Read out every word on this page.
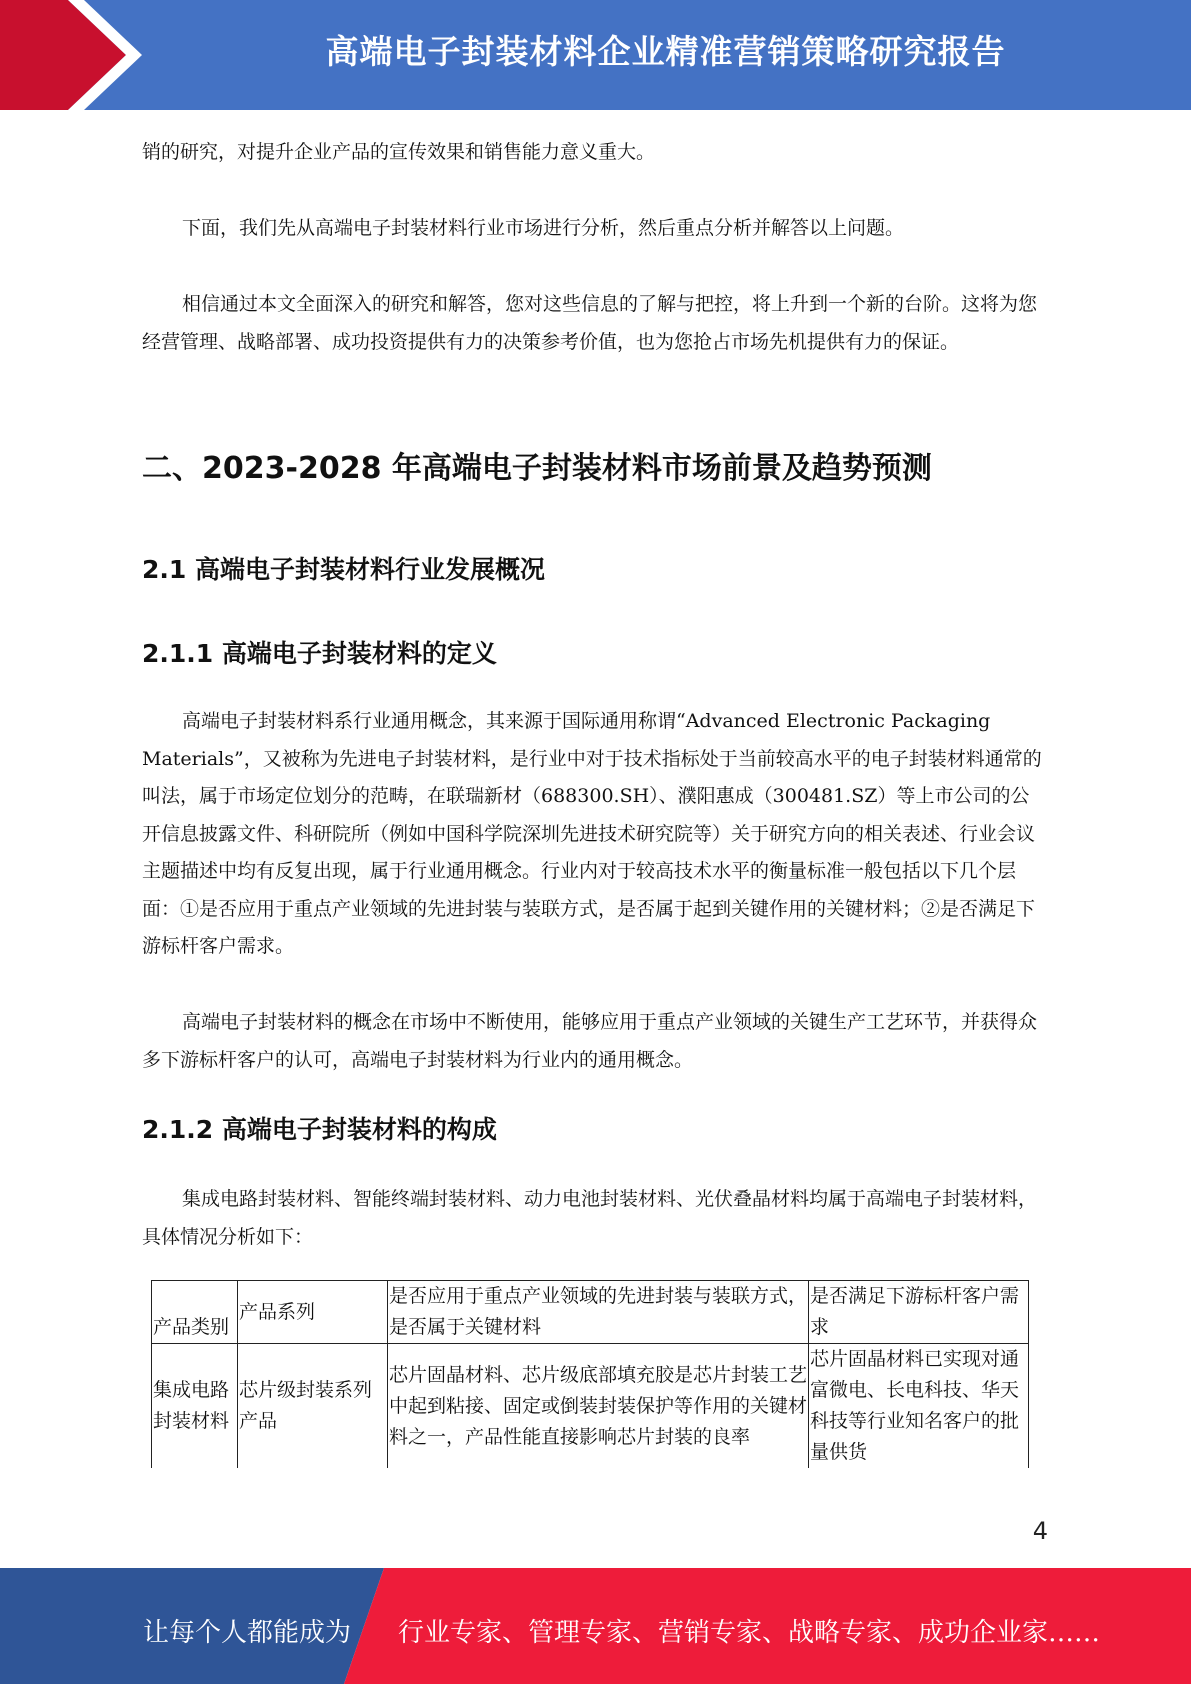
高端电子封装材料企业精准营销策略研究报告

销的研究，对提升企业产品的宣传效果和销售能力意义重大。

下面，我们先从高端电子封装材料行业市场进行分析，然后重点分析并解答以上问题。

相信通过本文全面深入的研究和解答，您对这些信息的了解与把控，将上升到一个新的台阶。这将为您经营管理、战略部署、成功投资提供有力的决策参考价值，也为您抢占市场先机提供有力的保证。

二、2023-2028 年高端电子封装材料市场前景及趋势预测
2.1 高端电子封装材料行业发展概况
2.1.1 高端电子封装材料的定义

高端电子封装材料系行业通用概念，其来源于国际通用称谓“Advanced Electronic Packaging Materials”，又被称为先进电子封装材料，是行业中对于技术指标处于当前较高水平的电子封装材料通常的叫法，属于市场定位划分的范畴，在联瑞新材（688300.SH）、濮阳惠成（300481.SZ）等上市公司的公开信息披露文件、科研院所（例如中国科学院深圳先进技术研究院等）关于研究方向的相关表述、行业会议主题描述中均有反复出现，属于行业通用概念。行业内对于较高技术水平的衡量标准一般包括以下几个层面：①是否应用于重点产业领域的先进封装与装联方式，是否属于起到关键作用的关键材料；②是否满足下游标杆客户需求。

高端电子封装材料的概念在市场中不断使用，能够应用于重点产业领域的关键生产工艺环节，并获得众多下游标杆客户的认可，高端电子封装材料为行业内的通用概念。

2.1.2 高端电子封装材料的构成

集成电路封装材料、智能终端封装材料、动力电池封装材料、光伏叠晶材料均属于高端电子封装材料，具体情况分析如下：

产品类别	产品系列	是否应用于重点产业领域的先进封装与装联方式，是否属于关键材料	是否满足下游标杆客户需求
集成电路封装材料	芯片级封装系列产品	芯片固晶材料、芯片级底部填充胶是芯片封装工艺中起到粘接、固定或倒装封装保护等作用的关键材料之一，产品性能直接影响芯片封装的良率	芯片固晶材料已实现对通富微电、长电科技、华天科技等行业知名客户的批量供货
4
让每个人都能成为 行业专家、管理专家、营销专家、战略专家、成功企业家……
